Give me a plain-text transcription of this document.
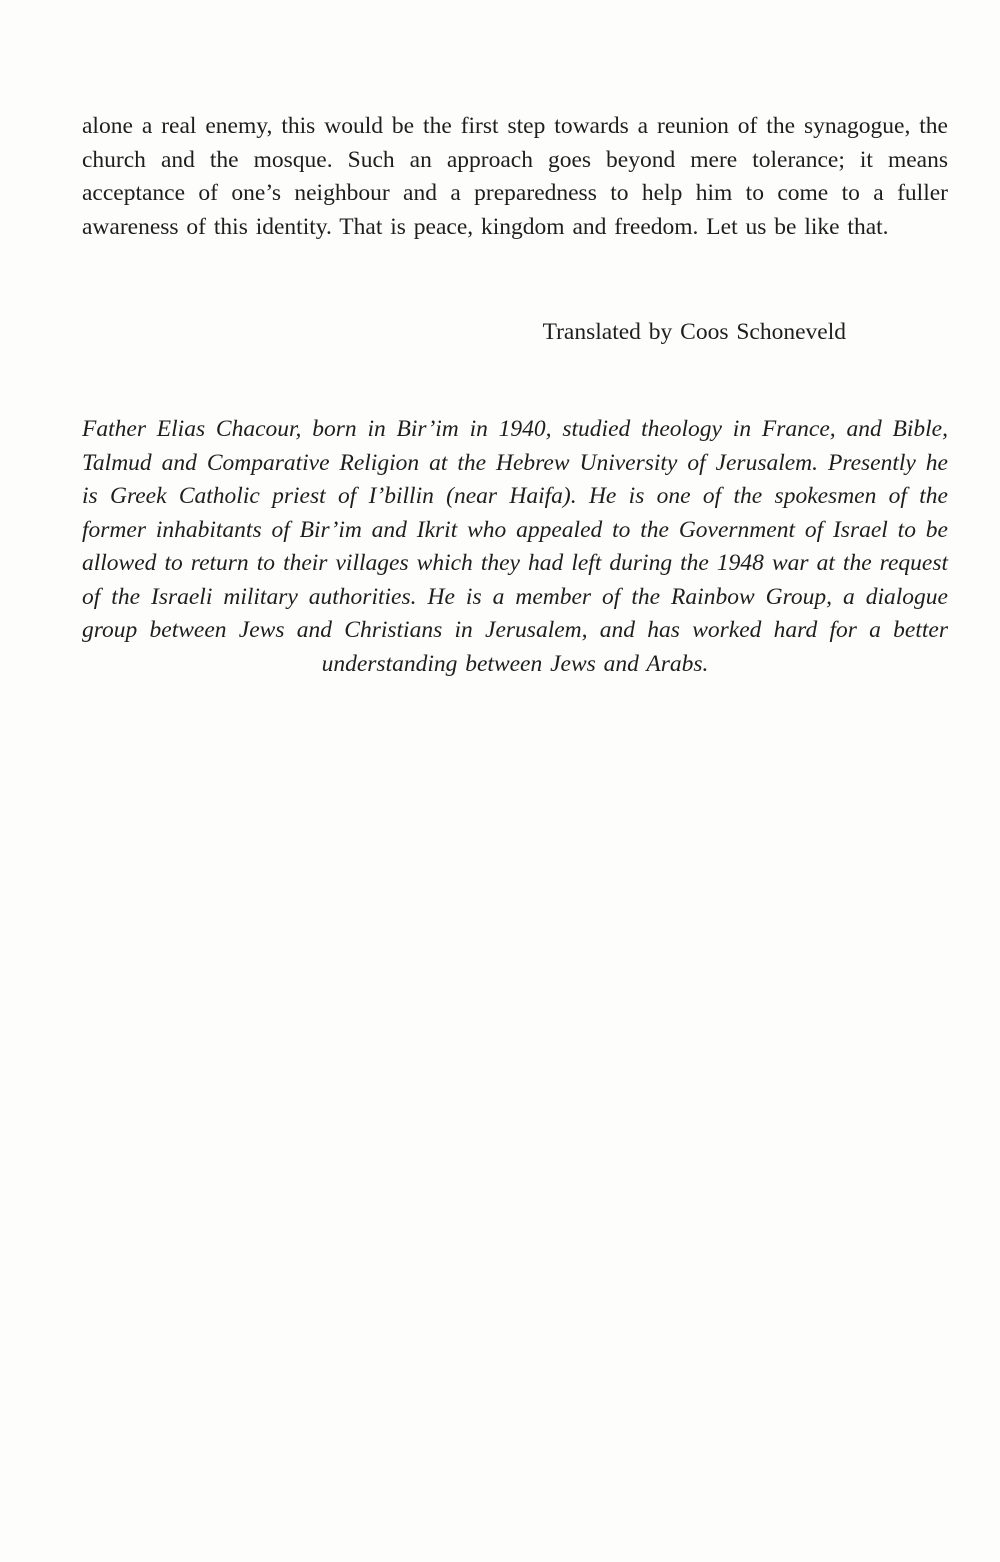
alone a real enemy, this would be the first step towards a reunion of the synagogue, the church and the mosque. Such an approach goes beyond mere tolerance; it means acceptance of one’s neighbour and a preparedness to help him to come to a fuller awareness of this identity. That is peace, kingdom and freedom. Let us be like that.

Translated by Coos Schoneveld

Father Elias Chacour, born in Bir’im in 1940, studied theology in France, and Bible, Talmud and Comparative Religion at the Hebrew University of Jerusalem. Presently he is Greek Catholic priest of I’billin (near Haifa). He is one of the spokesmen of the former inhabitants of Bir’im and Ikrit who appealed to the Government of Israel to be allowed to return to their villages which they had left during the 1948 war at the request of the Israeli military authorities. He is a member of the Rainbow Group, a dialogue group between Jews and Christians in Jerusalem, and has worked hard for a better understanding between Jews and Arabs.
